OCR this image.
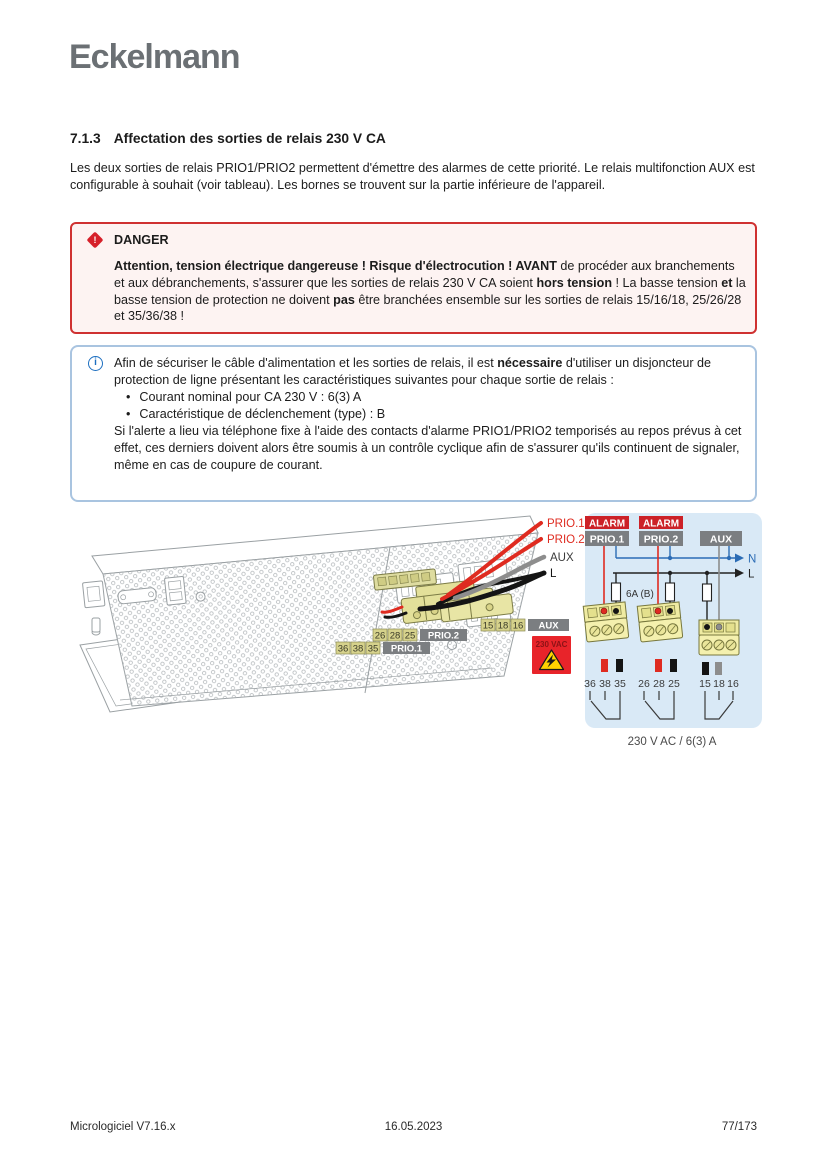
Eckelmann
7.1.3 Affectation des sorties de relais 230 V CA
Les deux sorties de relais PRIO1/PRIO2 permettent d'émettre des alarmes de cette priorité. Le relais multifonction AUX est configurable à souhait (voir tableau). Les bornes se trouvent sur la partie inférieure de l'appareil.
! DANGER
Attention, tension électrique dangereuse ! Risque d'électrocution ! AVANT de procéder aux branchements et aux débranchements, s'assurer que les sorties de relais 230 V CA soient hors tension ! La basse tension et la basse tension de protection ne doivent pas être branchées ensemble sur les sorties de relais 15/16/18, 25/26/28 et 35/36/38 !
i	Afin de sécuriser le câble d'alimentation et les sorties de relais, il est nécessaire d'utiliser un disjoncteur de protection de ligne présentant les caractéristiques suivantes pour chaque sortie de relais :
• Courant nominal pour CA 230 V : 6(3) A
• Caractéristique de déclenchement (type) : B
Si l'alerte a lieu via téléphone fixe à l'aide des contacts d'alarme PRIO1/PRIO2 temporisés au repos prévus à cet effet, ces derniers doivent alors être soumis à un contrôle cyclique afin de s'assurer qu'ils continuent de signaler, même en cas de coupure de courant.
PRIO.1
PRIO.2
AUX
L
15 18 16 AUX
26 28 25 PRIO.2
36 38 35 PRIO.1	230 VAC
ALARM
PRIO.1
ALARM
PRIO.2	AUX
N
L
6A (B)
36 38 35 26 28 25 15 18 16
230 V AC / 6(3) A
Micrologiciel V7.16.x	16.05.2023	77/173
